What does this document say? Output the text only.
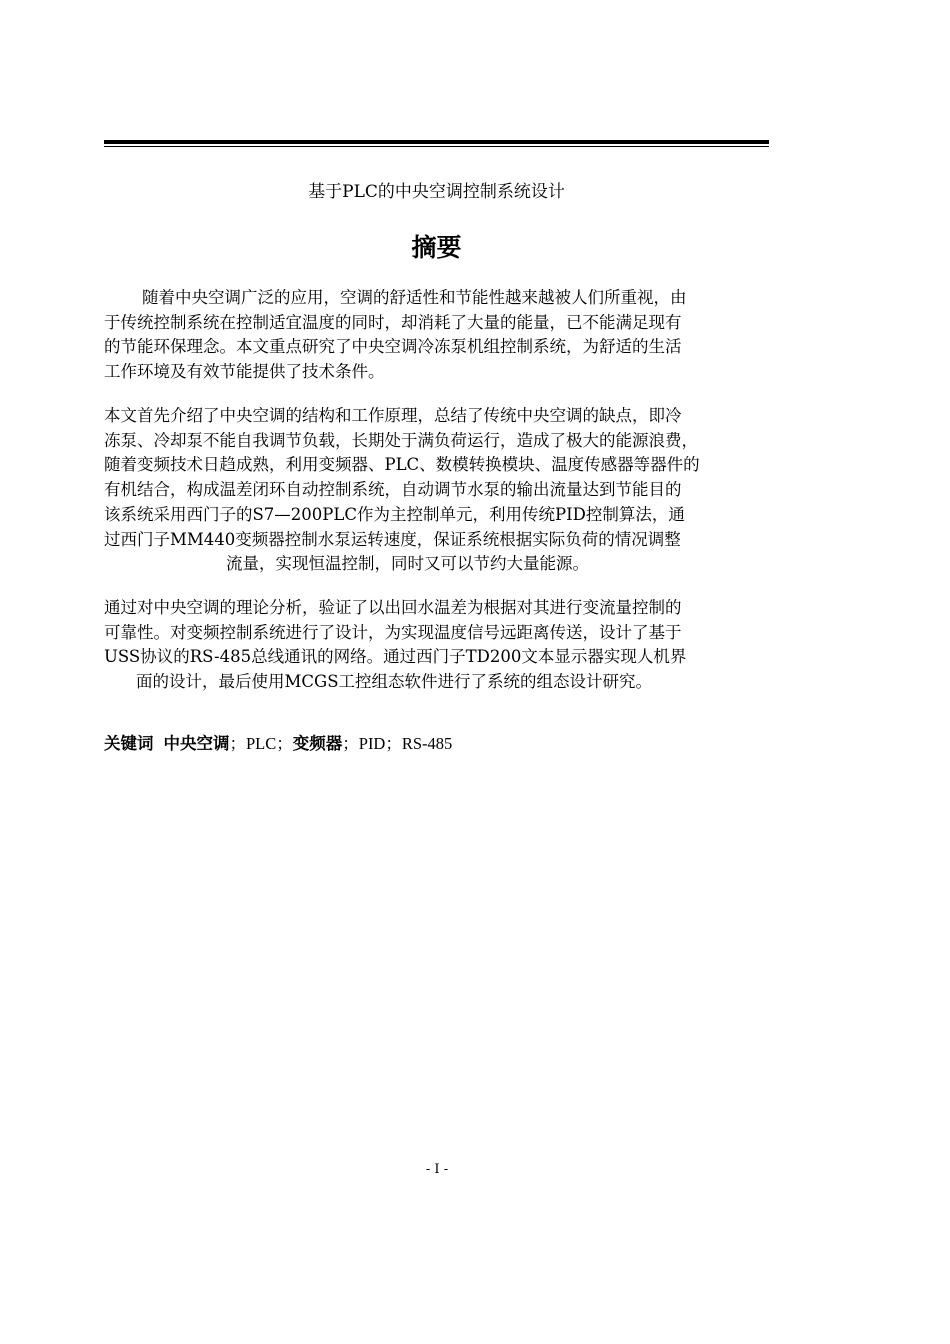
基于PLC的中央空调控制系统设计
摘要
随着中央空调广泛的应用，空调的舒适性和节能性越来越被人们所重视，由
于传统控制系统在控制适宜温度的同时，却消耗了大量的能量，已不能满足现有
的节能环保理念。本文重点研究了中央空调冷冻泵机组控制系统，为舒适的生活
工作环境及有效节能提供了技术条件。
本文首先介绍了中央空调的结构和工作原理，总结了传统中央空调的缺点，即冷
冻泵、冷却泵不能自我调节负载，长期处于满负荷运行，造成了极大的能源浪费，
随着变频技术日趋成熟，利用变频器、PLC、数模转换模块、温度传感器等器件的
有机结合，构成温差闭环自动控制系统，自动调节水泵的输出流量达到节能目的
该系统采用西门子的S7—200PLC作为主控制单元，利用传统PID控制算法，通
过西门子MM440变频器控制水泵运转速度，保证系统根据实际负荷的情况调整
流量，实现恒温控制，同时又可以节约大量能源。
通过对中央空调的理论分析，验证了以出回水温差为根据对其进行变流量控制的
可靠性。对变频控制系统进行了设计，为实现温度信号远距离传送，设计了基于
USS协议的RS-485总线通讯的网络。通过西门子TD200文本显示器实现人机界
面的设计，最后使用MCGS工控组态软件进行了系统的组态设计研究。
关键词 中央空调；PLC；变频器；PID；RS-485
- I -
